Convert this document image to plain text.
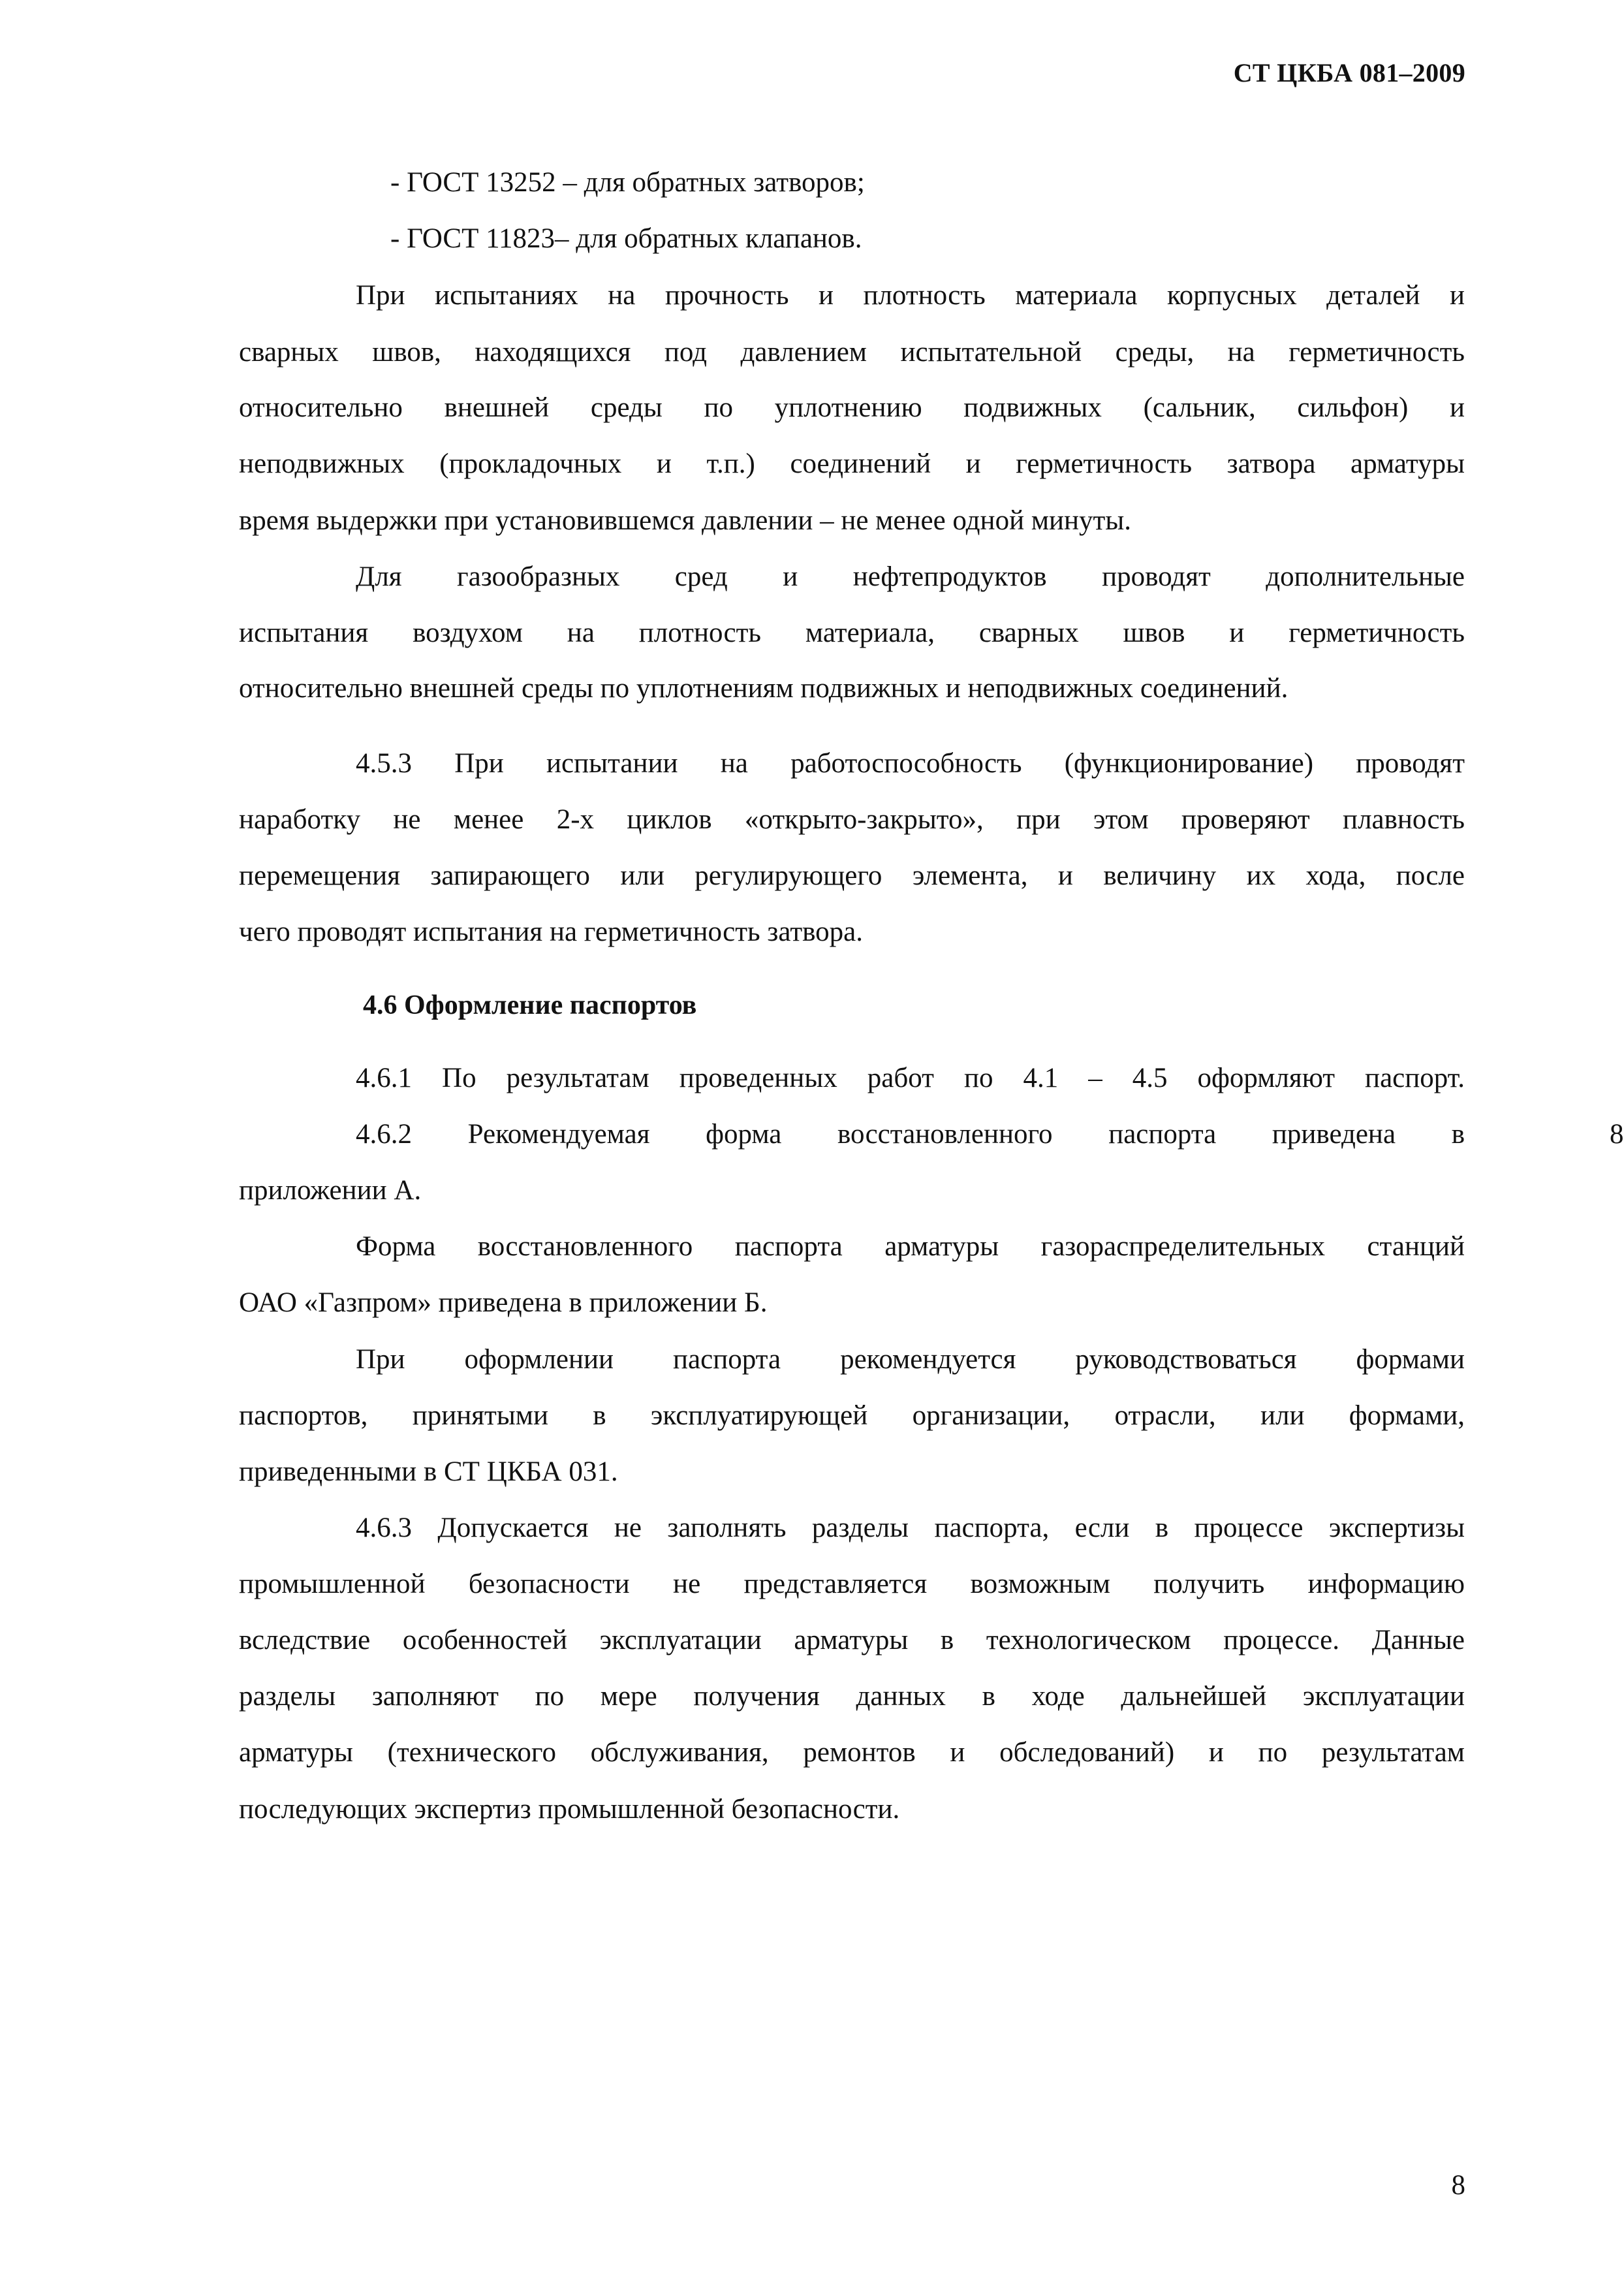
СТ ЦКБА 081–2009
- ГОСТ 13252 – для обратных затворов;
- ГОСТ 11823– для обратных клапанов.
При испытаниях на прочность и плотность материала корпусных деталей и
сварных швов, находящихся под давлением испытательной среды, на герметичность
относительно внешней среды по уплотнению подвижных (сальник, сильфон) и
неподвижных (прокладочных и т.п.) соединений и герметичность затвора арматуры
время выдержки при установившемся давлении – не менее одной минуты.
Для газообразных сред и нефтепродуктов проводят дополнительные
испытания воздухом на плотность материала, сварных швов и герметичность
относительно внешней среды по уплотнениям подвижных и неподвижных соединений.
4.5.3 При испытании на работоспособность (функционирование) проводят
наработку не менее 2-х циклов «открыто-закрыто», при этом проверяют плавность
перемещения запирающего или регулирующего элемента, и величину их хода, после
чего проводят испытания на герметичность затвора.
4.6 Оформление паспортов
4.6.1 По результатам проведенных работ по 4.1 – 4.5 оформляют паспорт.
4.6.2 Рекомендуемая форма восстановленного паспорта приведена в	8
приложении А.
Форма восстановленного паспорта арматуры газораспределительных станций
ОАО «Газпром» приведена в приложении Б.
При оформлении паспорта рекомендуется руководствоваться формами
паспортов, принятыми в эксплуатирующей организации, отрасли, или формами,
приведенными в СТ ЦКБА 031.
4.6.3 Допускается не заполнять разделы паспорта, если в процессе экспертизы
промышленной безопасности не представляется возможным получить информацию
вследствие особенностей эксплуатации арматуры в технологическом процессе. Данные
разделы заполняют по мере получения данных в ходе дальнейшей эксплуатации
арматуры (технического обслуживания, ремонтов и обследований) и по результатам
последующих экспертиз промышленной безопасности.
8
